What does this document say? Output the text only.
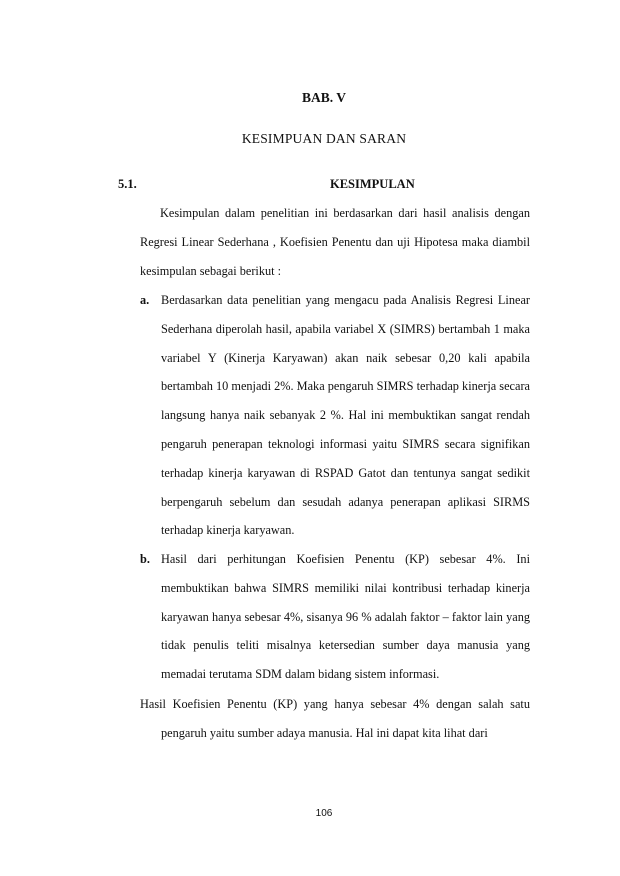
BAB. V
KESIMPUAN DAN SARAN
5.1.	KESIMPULAN
Kesimpulan dalam penelitian ini berdasarkan dari hasil analisis dengan Regresi Linear Sederhana , Koefisien Penentu dan uji Hipotesa maka diambil kesimpulan sebagai berikut :
a. Berdasarkan data penelitian yang mengacu pada Analisis Regresi Linear Sederhana diperolah hasil, apabila variabel X (SIMRS) bertambah 1 maka variabel Y (Kinerja Karyawan) akan naik sebesar 0,20 kali apabila bertambah 10 menjadi 2%. Maka pengaruh SIMRS terhadap kinerja secara langsung hanya naik sebanyak 2 %. Hal ini membuktikan sangat rendah pengaruh penerapan teknologi informasi yaitu SIMRS secara signifikan terhadap kinerja karyawan di RSPAD Gatot dan tentunya sangat sedikit berpengaruh sebelum dan sesudah adanya penerapan aplikasi SIRMS terhadap kinerja karyawan.
b. Hasil dari perhitungan Koefisien Penentu (KP) sebesar 4%. Ini membuktikan bahwa SIMRS memiliki nilai kontribusi terhadap kinerja karyawan hanya sebesar 4%, sisanya 96 % adalah faktor – faktor lain yang tidak penulis teliti misalnya ketersedian sumber daya manusia yang memadai terutama SDM dalam bidang sistem informasi.
Hasil Koefisien Penentu (KP) yang hanya sebesar 4% dengan salah satu pengaruh yaitu sumber adaya manusia. Hal ini dapat kita lihat dari
106
